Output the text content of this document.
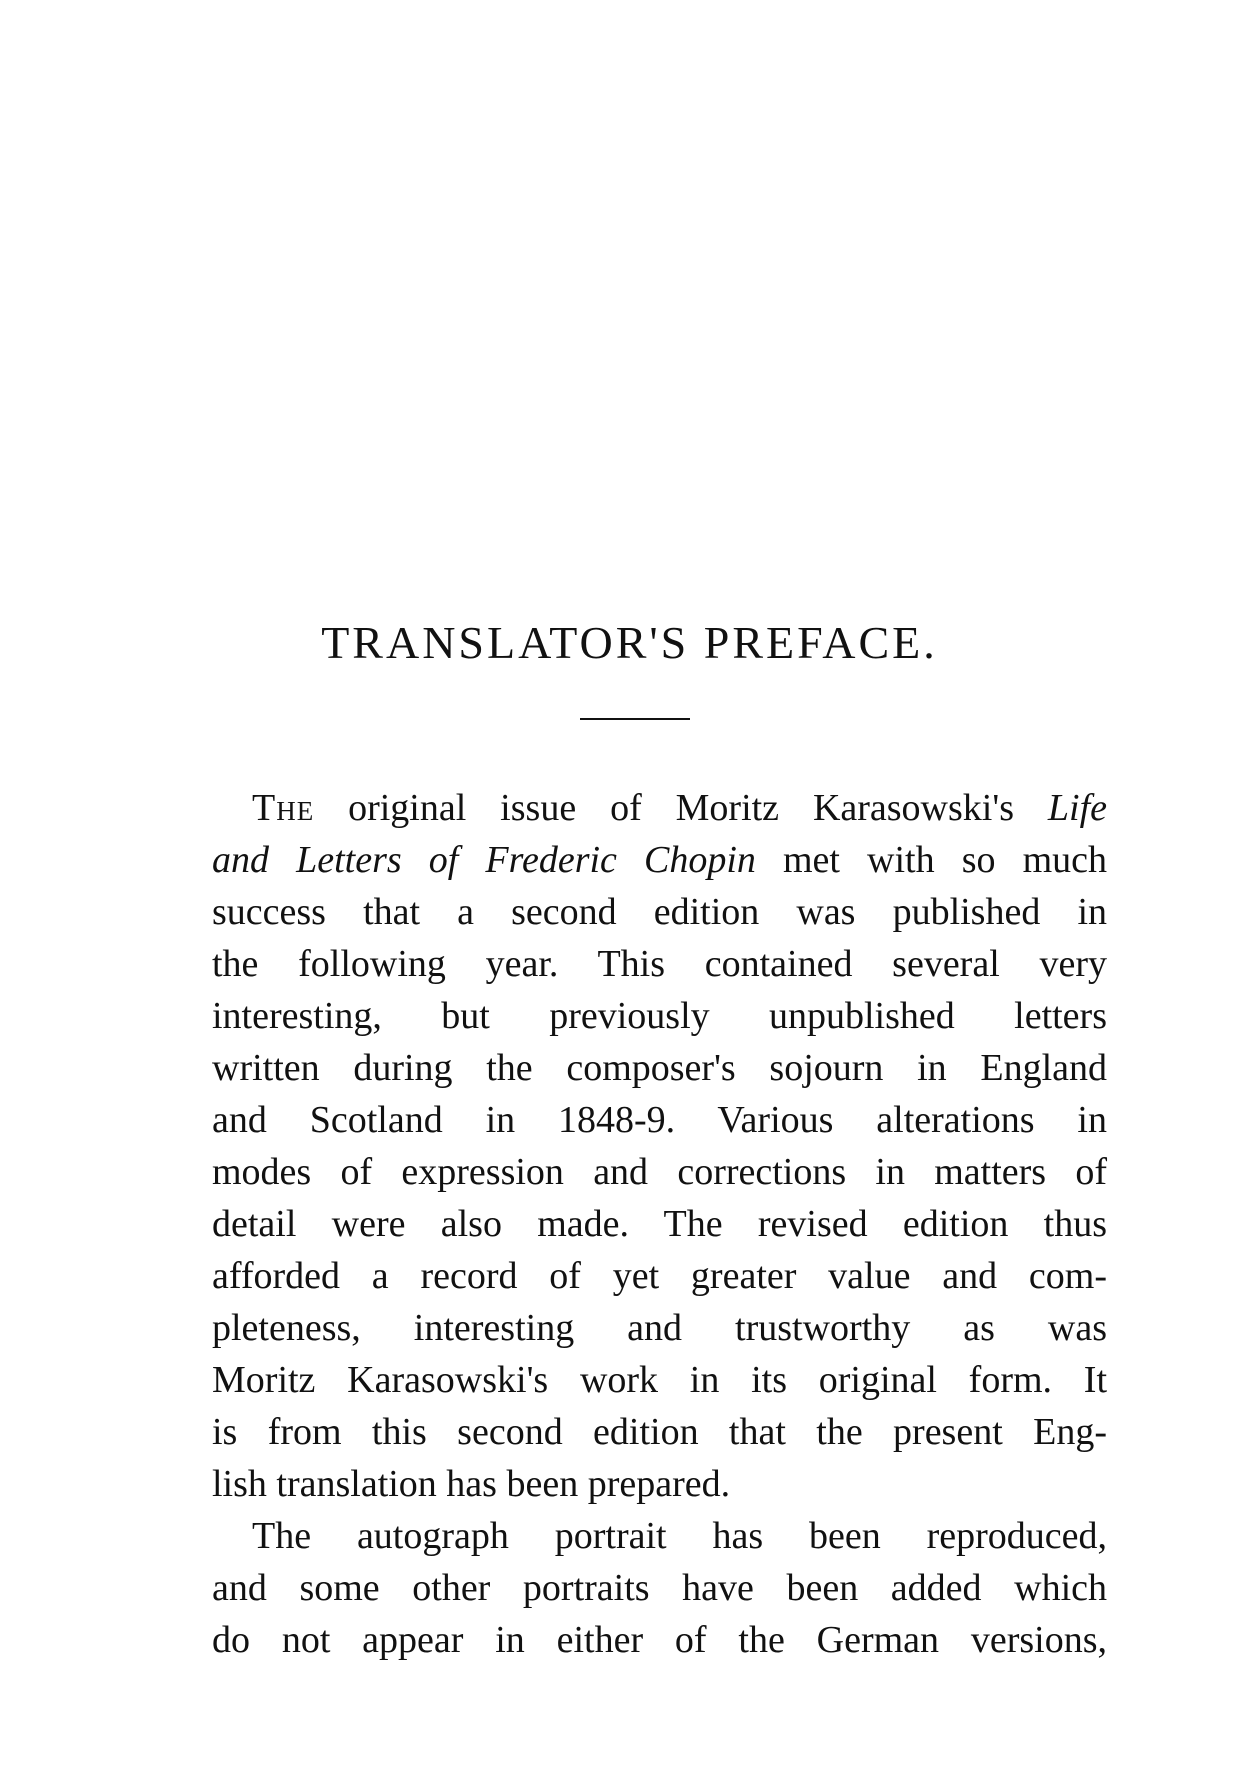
TRANSLATOR'S PREFACE.
The original issue of Moritz Karasowski's Life
and Letters of Frederic Chopin met with so much
success that a second edition was published in
the following year. This contained several very
interesting, but previously unpublished letters
written during the composer's sojourn in England
and Scotland in 1848-9. Various alterations in
modes of expression and corrections in matters of
detail were also made. The revised edition thus
afforded a record of yet greater value and com-
pleteness, interesting and trustworthy as was
Moritz Karasowski's work in its original form. It
is from this second edition that the present Eng-
lish translation has been prepared.
The autograph portrait has been reproduced,
and some other portraits have been added which
do not appear in either of the German versions,
